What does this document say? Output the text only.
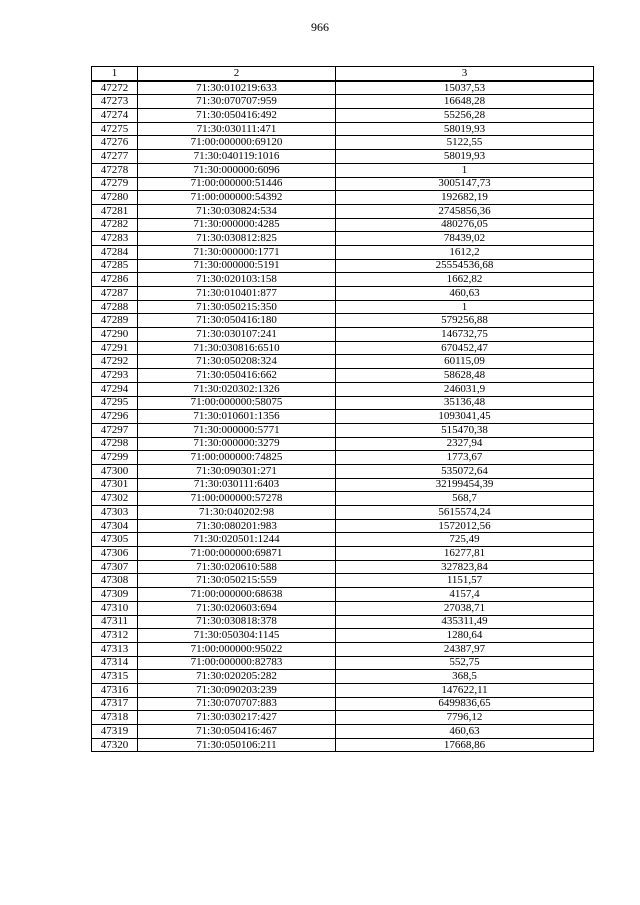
966
1	2	3
47272	71:30:010219:633	15037,53
47273	71:30:070707:959	16648,28
47274	71:30:050416:492	55256,28
47275	71:30:030111:471	58019,93
47276	71:00:000000:69120	5122,55
47277	71:30:040119:1016	58019,93
47278	71:30:000000:6096	1
47279	71:00:000000:51446	3005147,73
47280	71:00:000000:54392	192682,19
47281	71:30:030824:534	2745856,36
47282	71:30:000000:4285	480276,05
47283	71:30:030812:825	78439,02
47284	71:30:000000:1771	1612,2
47285	71:30:000000:5191	25554536,68
47286	71:30:020103:158	1662,82
47287	71:30:010401:877	460,63
47288	71:30:050215:350	1
47289	71:30:050416:180	579256,88
47290	71:30:030107:241	146732,75
47291	71:30:030816:6510	670452,47
47292	71:30:050208:324	60115,09
47293	71:30:050416:662	58628,48
47294	71:30:020302:1326	246031,9
47295	71:00:000000:58075	35136,48
47296	71:30:010601:1356	1093041,45
47297	71:30:000000:5771	515470,38
47298	71:30:000000:3279	2327,94
47299	71:00:000000:74825	1773,67
47300	71:30:090301:271	535072,64
47301	71:30:030111:6403	32199454,39
47302	71:00:000000:57278	568,7
47303	71:30:040202:98	5615574,24
47304	71:30:080201:983	1572012,56
47305	71:30:020501:1244	725,49
47306	71:00:000000:69871	16277,81
47307	71:30:020610:588	327823,84
47308	71:30:050215:559	1151,57
47309	71:00:000000:68638	4157,4
47310	71:30:020603:694	27038,71
47311	71:30:030818:378	435311,49
47312	71:30:050304:1145	1280,64
47313	71:00:000000:95022	24387,97
47314	71:00:000000:82783	552,75
47315	71:30:020205:282	368,5
47316	71:30:090203:239	147622,11
47317	71:30:070707:883	6499836,65
47318	71:30:030217:427	7796,12
47319	71:30:050416:467	460,63
47320	71:30:050106:211	17668,86
